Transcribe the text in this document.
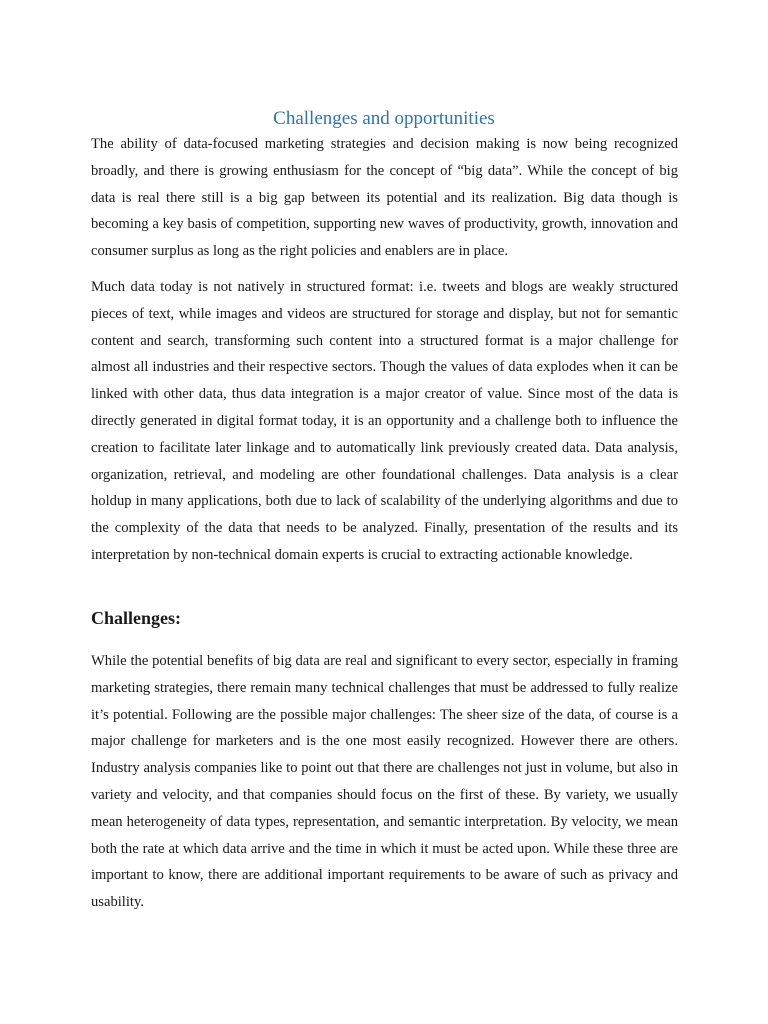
Challenges and opportunities

The ability of data-focused marketing strategies and decision making is now being recognized broadly, and there is growing enthusiasm for the concept of “big data”. While the concept of big data is real there still is a big gap between its potential and its realization. Big data though is becoming a key basis of competition, supporting new waves of productivity, growth, innovation and consumer surplus as long as the right policies and enablers are in place.

Much data today is not natively in structured format: i.e. tweets and blogs are weakly structured pieces of text, while images and videos are structured for storage and display, but not for semantic content and search, transforming such content into a structured format is a major challenge for almost all industries and their respective sectors. Though the values of data explodes when it can be linked with other data, thus data integration is a major creator of value. Since most of the data is directly generated in digital format today, it is an opportunity and a challenge both to influence the creation to facilitate later linkage and to automatically link previously created data. Data analysis, organization, retrieval, and modeling are other foundational challenges. Data analysis is a clear holdup in many applications, both due to lack of scalability of the underlying algorithms and due to the complexity of the data that needs to be analyzed. Finally, presentation of the results and its interpretation by non-technical domain experts is crucial to extracting actionable knowledge.

Challenges:

While the potential benefits of big data are real and significant to every sector, especially in framing marketing strategies, there remain many technical challenges that must be addressed to fully realize it’s potential. Following are the possible major challenges: The sheer size of the data, of course is a major challenge for marketers and is the one most easily recognized. However there are others. Industry analysis companies like to point out that there are challenges not just in volume, but also in variety and velocity, and that companies should focus on the first of these. By variety, we usually mean heterogeneity of data types, representation, and semantic interpretation. By velocity, we mean both the rate at which data arrive and the time in which it must be acted upon. While these three are important to know, there are additional important requirements to be aware of such as privacy and usability.
